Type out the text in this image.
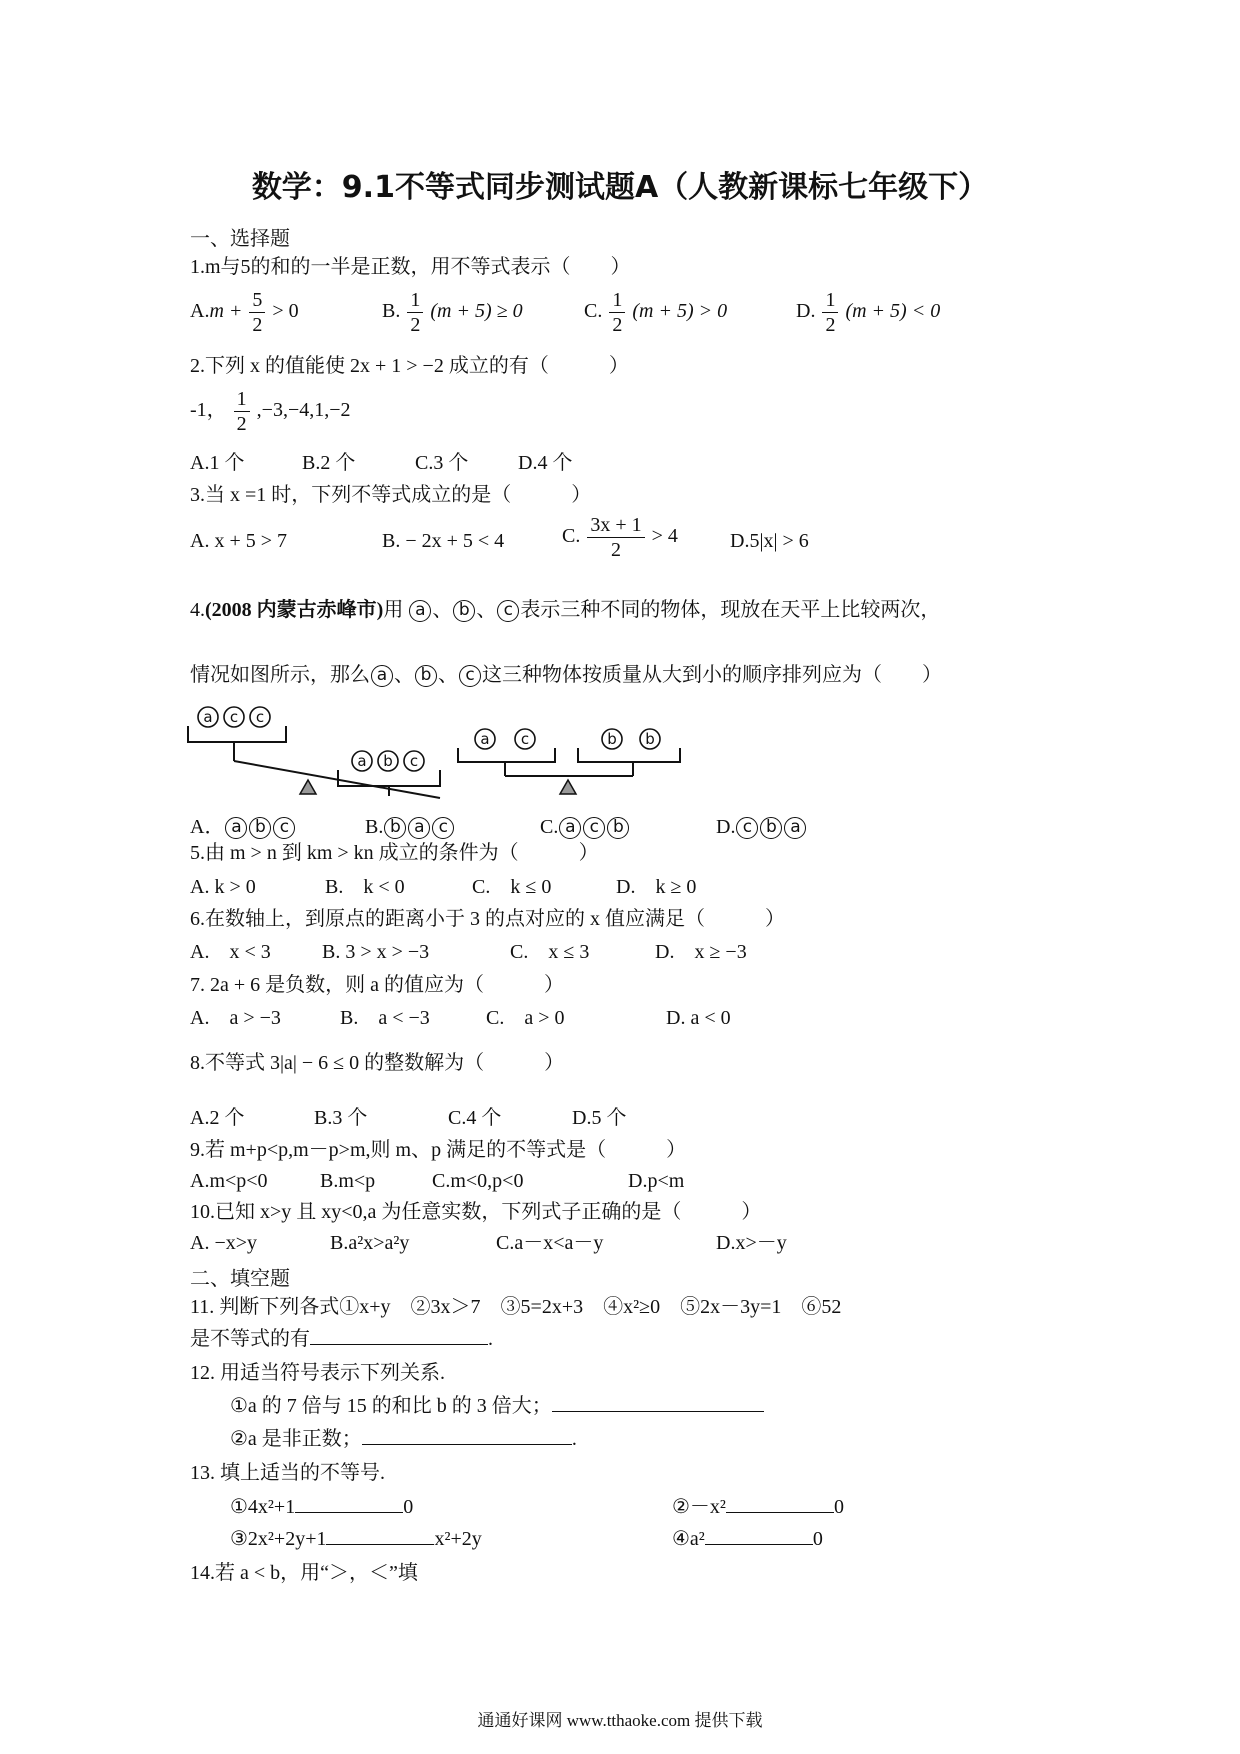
数学：9.1不等式同步测试题A（人教新课标七年级下）
一、选择题
1.m与5的和的一半是正数，用不等式表示（　　）
$A.m + \frac{5}{2} > 0$	B. $\frac{1}{2} (m + 5) \ge 0$	C. $\frac{1}{2} (m + 5) > 0$	D. $\frac{1}{2} (m + 5) < 0$
2.下列 x 的值能使 2x + 1 > −2 成立的有（　　　）
-1， $\frac{1}{2} ,-3,-4,1,-2$
A.1 个	B.2 个	C.3 个 D.4 个
3.当 x =1 时，下列不等式成立的是（　　　）
A. x + 5 > 7	B. − 2x + 5 < 4	C. $\frac{3x + 1}{2} > 4$	D.5|x| > 6
4.(2008 内蒙古赤峰市)用 a 、 b 、 c 表示三种不同的物体，现放在天平上比较两次，
情况如图所示，那么 a 、 b 、 c 这三种物体按质量从大到小的顺序排列应为（　　）
a c c
a b c
a c	b b
A． a b c	B. b a c	C. a c b	D. c b a
5.由 m > n 到 km > kn 成立的条件为（　　　）
A. k > 0	B.　k < 0	C.　k ≤ 0	D.　k ≥ 0
6.在数轴上，到原点的距离小于 3 的点对应的 x 值应满足（　　　）
A.　x < 3	B. 3 > x > −3	C.　x ≤ 3	D.　x ≥ −3
7. 2a + 6 是负数，则 a 的值应为（　　　）
A.　a > −3	B.　a < −3	C.　a > 0	D. a < 0
8.不等式 3|a| − 6 ≤ 0 的整数解为（　　　）
A.2 个	B.3 个	C.4 个	D.5 个
9.若 m+p<p,m－p>m,则 m、p 满足的不等式是（　　　）
A.m<p<0	B.m<p	C.m<0,p<0	D.p<m
10.已知 x>y 且 xy<0,a 为任意实数，下列式子正确的是（　　　）
A. −x>y	B.a²x>a²y	C.a－x<a－y	D.x>－y
二、填空题
11. 判断下列各式①x+y　②3x＞7　③5=2x+3　④x²≥0　⑤2x－3y=1　⑥52
是不等式的有	.
12. 用适当符号表示下列关系.
①a 的 7 倍与 15 的和比 b 的 3 倍大；
②a 是非正数；	.
13. 填上适当的不等号.
①4x²+1	0	②－x²	0
③2x²+2y+1	x²+2y	④a²	0
14.若 a < b，用“＞，＜”填
通通好课网 www.tthaoke.com 提供下载
